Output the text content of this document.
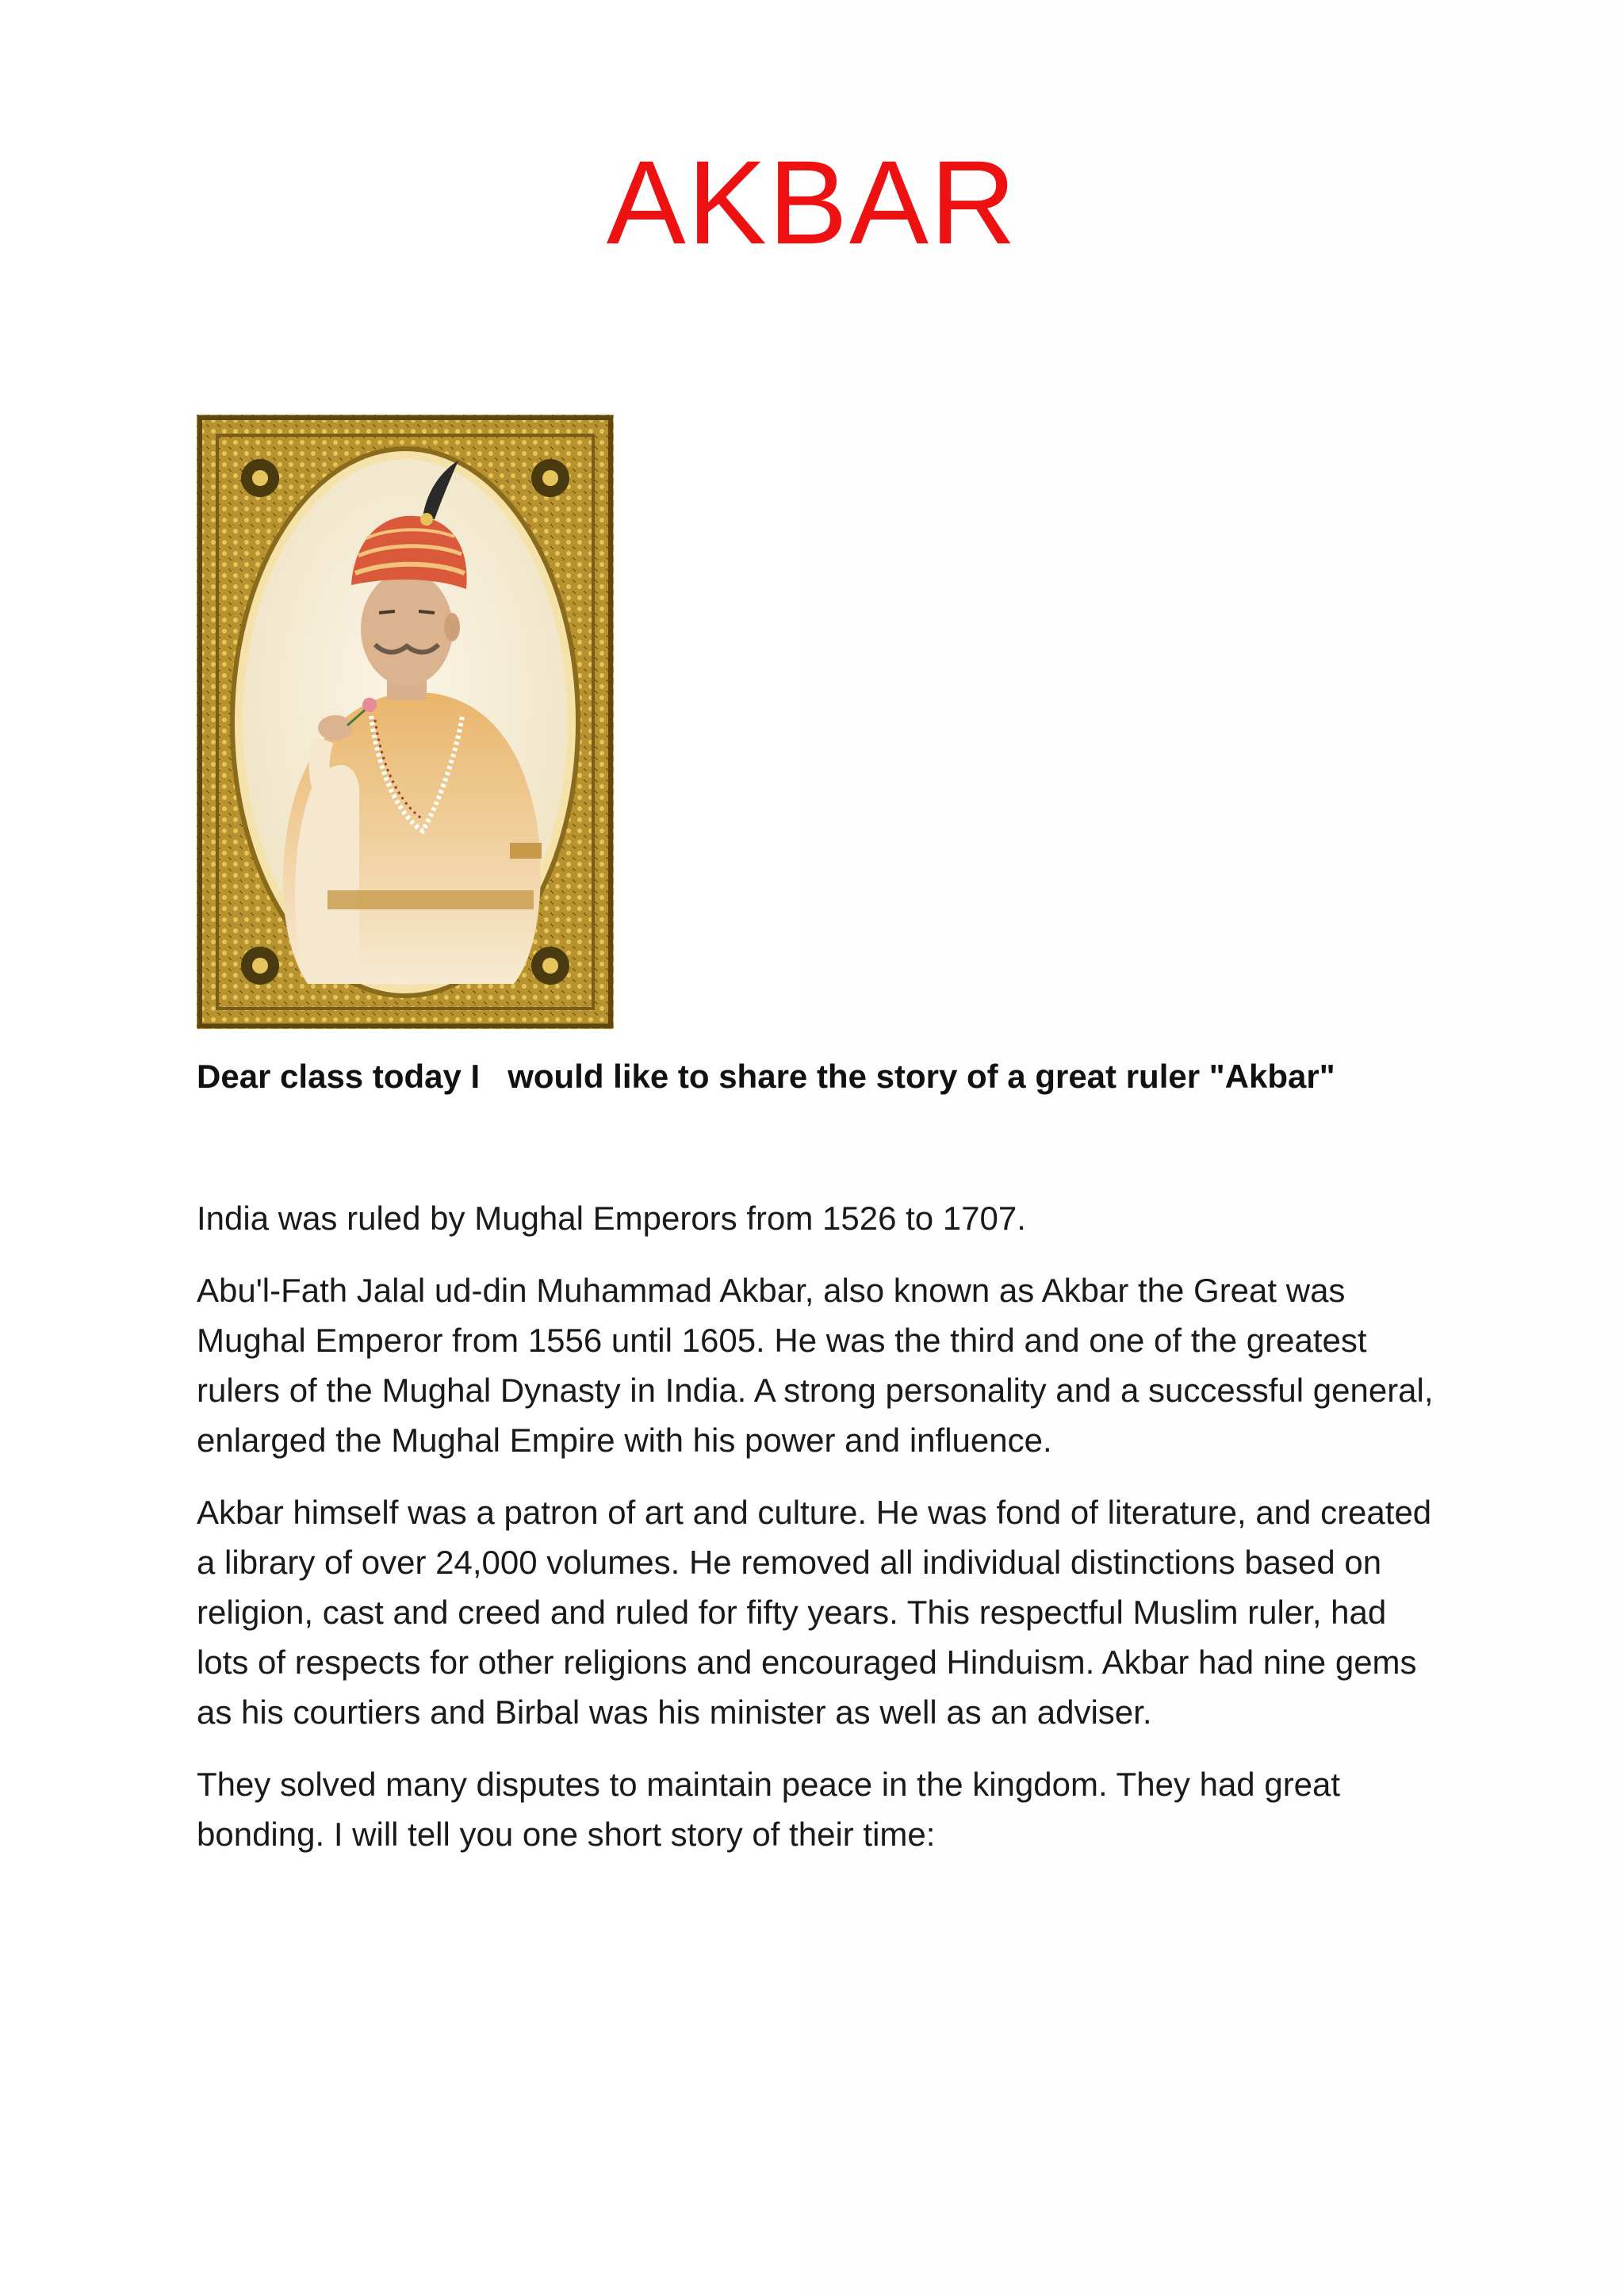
AKBAR

Dear class today I   would like to share the story of a great ruler "Akbar"

India was ruled by Mughal Emperors from 1526 to 1707.

Abu'l-Fath Jalal ud-din Muhammad Akbar, also known as Akbar the Great was Mughal Emperor from 1556 until 1605. He was the third and one of the greatest rulers of the Mughal Dynasty in India. A strong personality and a successful general, enlarged the Mughal Empire with his power and influence.

Akbar himself was a patron of art and culture. He was fond of literature, and created a library of over 24,000 volumes. He removed all individual distinctions based on religion, cast and creed and ruled for fifty years. This respectful Muslim ruler, had lots of respects for other religions and encouraged Hinduism. Akbar had nine gems as his courtiers and Birbal was his minister as well as an adviser.

They solved many disputes to maintain peace in the kingdom. They had great bonding. I will tell you one short story of their time:
